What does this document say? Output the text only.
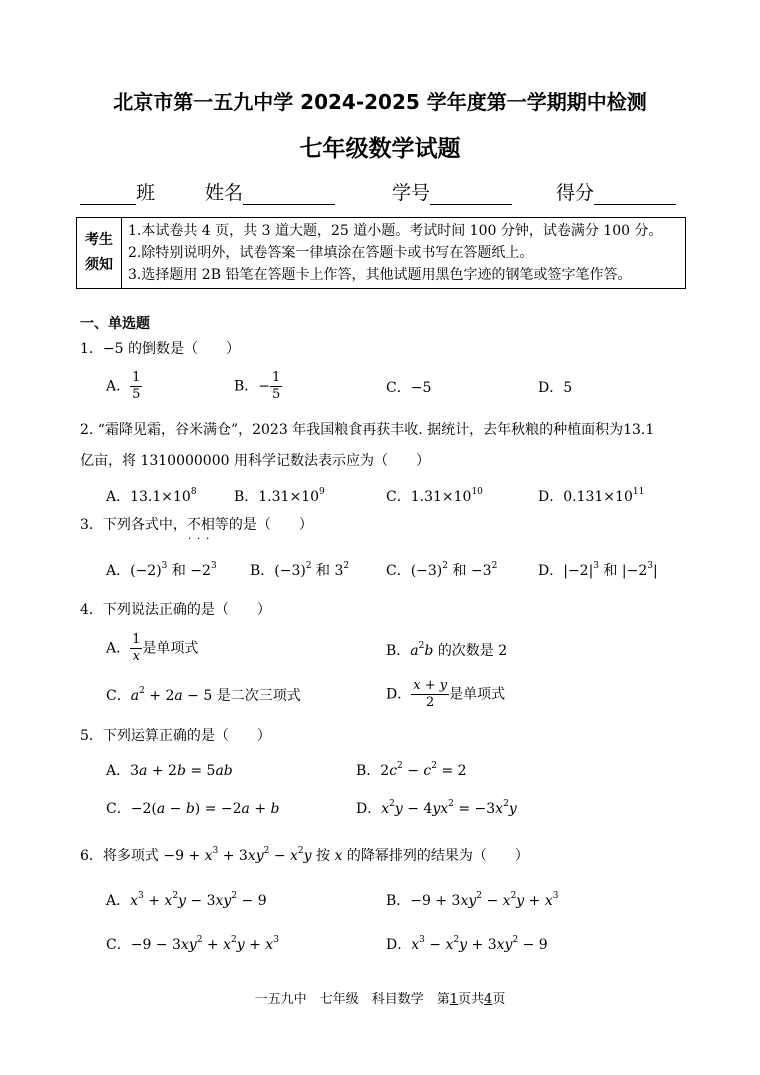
北京市第一五九中学 2024-2025 学年度第一学期期中检测
七年级数学试题
班	姓名	学号	得分
考生须知

1.本试卷共 4 页，共 3 道大题，25 道小题。考试时间 100 分钟，试卷满分 100 分。
2.除特别说明外，试卷答案一律填涂在答题卡或书写在答题纸上。
3.选择题用 2B 铅笔在答题卡上作答，其他试题用黑色字迹的钢笔或签字笔作答。
一、单选题
1．−5 的倒数是（　　）
A． $\frac{1}{5}$	B．− $\frac{1}{5}$	C．−5	D．5
2. “霜降见霜，谷米满仓”，2023 年我国粮食再获丰收. 据统计，去年秋粮的种植面积为13.1
亿亩，将 1310000000 用科学记数法表示应为（　　）
A．$13.1\times 10^8$	B．$1.31\times 10^9$	C．$1.31\times 10^{10}$	D．$0.131\times 10^{11}$
3．下列各式中，不相等 · · ·的是（　　）
A．$(-2)^3$ 和 $-2^3$ B．$(-3)^2$ 和 $3^2$	C．$(-3)^2$ 和 $-3^2$	D．$|-2|^3$ 和 $|-2^3|$
4．下列说法正确的是（　　）
A． $\frac{1}{x}$ 是单项式	B．$a^2b$ 的次数是 2
C．$a^2 + 2a - 5$ 是二次三项式	D． $\frac{x + y}{2}$ 是单项式
5．下列运算正确的是（　　）
A．3a + 2b = 5ab	B．$2c^2 - c^2 = 2$
C．−2(a − b) = −2a + b	D．$x^2y - 4yx^2 = -3x^2y$
6．将多项式 $-9 + x^3 + 3xy^2 - x^2y$ 按 x 的降幂排列的结果为（　　）
A．$x^3 + x^2y - 3xy^2 - 9$	B．$-9 + 3xy^2 - x^2y + x^3$
C．$-9 - 3xy^2 + x^2y + x^3$	D．$x^3 - x^2y + 3xy^2 - 9$
一五九中　 七年级　 科目数学　 第1页共4页
